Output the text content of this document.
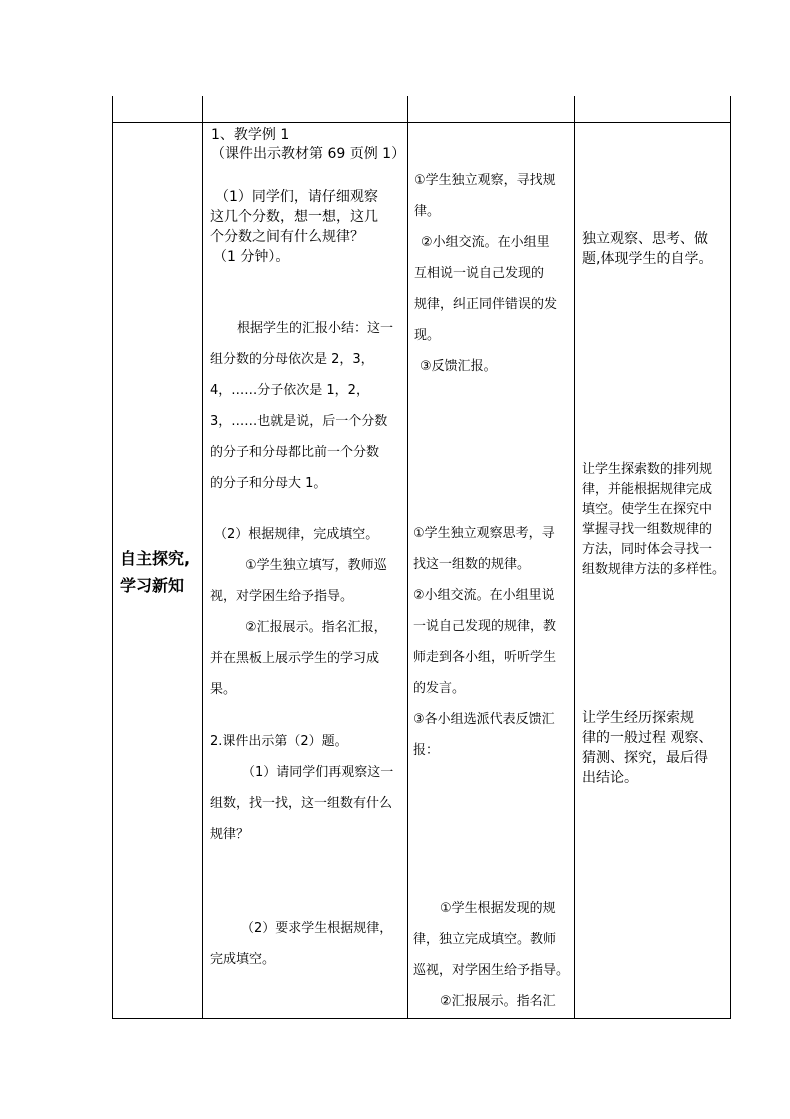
自主探究,
学习新知
1、教学例 1
（课件出示教材第 69 页例 1）
（1）同学们，请仔细观察
这几个分数，想一想，这几
个分数之间有什么规律？
（1 分钟）。
根据学生的汇报小结：这一
组分数的分母依次是 2，3，
4，……分子依次是 1，2，
3，……也就是说，后一个分数
的分子和分母都比前一个分数
的分子和分母大 1。
（2）根据规律，完成填空。
①学生独立填写，教师巡
视，对学困生给予指导。
②汇报展示。指名汇报，
并在黑板上展示学生的学习成
果。
2.课件出示第（2）题。
（1）请同学们再观察这一
组数，找一找，这一组数有什么
规律？
（2）要求学生根据规律，
完成填空。
①学生独立观察，寻找规
律。
②小组交流。在小组里
互相说一说自己发现的
规律，纠正同伴错误的发
现。
③反馈汇报。
①学生独立观察思考，寻
找这一组数的规律。
②小组交流。在小组里说
一说自己发现的规律，教
师走到各小组，听听学生
的发言。
③各小组选派代表反馈汇
报：
①学生根据发现的规
律，独立完成填空。教师
巡视，对学困生给予指导。
②汇报展示。指名汇
独立观察、思考、做
题,体现学生的自学。
让学生探索数的排列规
律，并能根据规律完成
填空。使学生在探究中
掌握寻找一组数规律的
方法，同时体会寻找一
组数规律方法的多样性。
让学生经历探索规
律的一般过程 观察、
猜测、探究，最后得
出结论。
